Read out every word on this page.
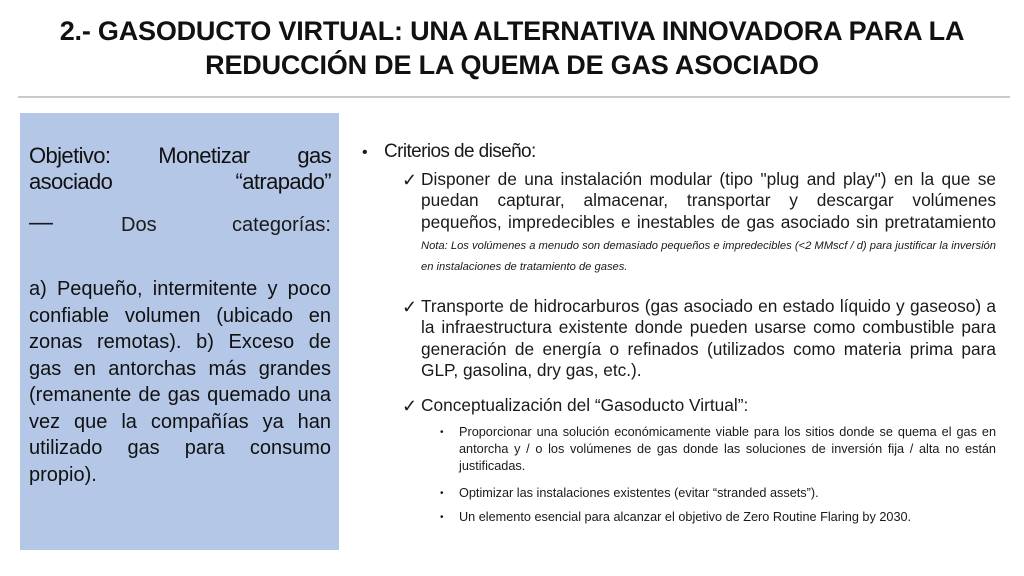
2.- GASODUCTO VIRTUAL: UNA ALTERNATIVA INNOVADORA PARA LA
REDUCCIÓN DE LA QUEMA DE GAS ASOCIADO
Objetivo: Monetizar gas asociado “atrapado”
—	Dos	categorías:
a) Pequeño, intermitente y poco confiable volumen (ubicado en zonas remotas). b) Exceso de gas en antorchas más grandes (remanente de gas quemado una vez que la compañías ya han utilizado gas para consumo propio).
• Criterios de diseño:
✓ Disponer de una instalación modular (tipo "plug and play") en la que se puedan capturar, almacenar, transportar y descargar volúmenes pequeños, impredecibles e inestables de gas asociado sin pretratamiento Nota: Los volúmenes a menudo son demasiado pequeños e impredecibles (<2 MMscf / d) para justificar la inversión en instalaciones de tratamiento de gases.
✓ Transporte de hidrocarburos (gas asociado en estado líquido y gaseoso) a la infraestructura existente donde pueden usarse como combustible para generación de energía o refinados (utilizados como materia prima para GLP, gasolina, dry gas, etc.).
✓ Conceptualización del “Gasoducto Virtual”:
• Proporcionar una solución económicamente viable para los sitios donde se quema el gas en antorcha y / o los volúmenes de gas donde las soluciones de inversión fija / alta no están justificadas.
• Optimizar las instalaciones existentes (evitar “stranded assets”).
• Un elemento esencial para alcanzar el objetivo de Zero Routine Flaring by 2030.
